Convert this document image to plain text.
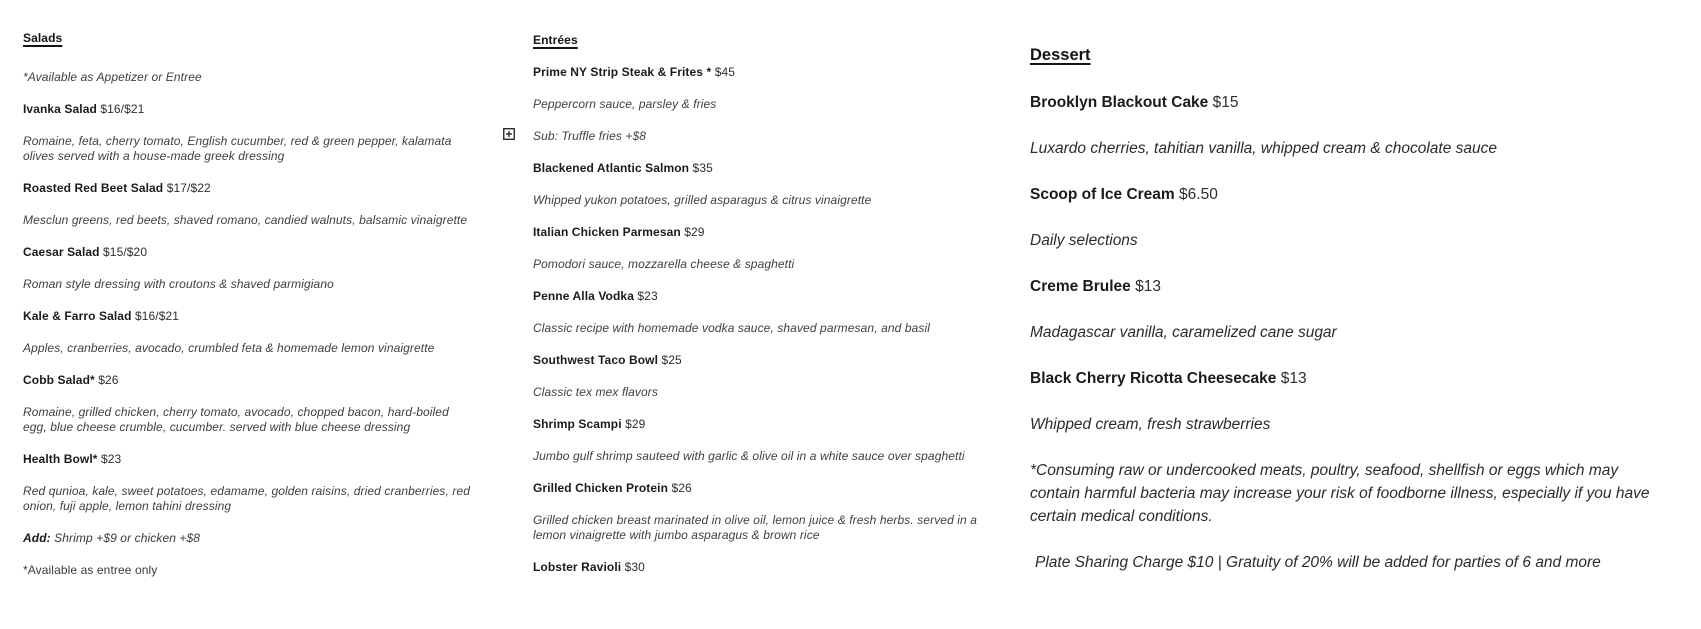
Salads

*Available as Appetizer or Entree

Ivanka Salad $16/$21

Romaine, feta, cherry tomato, English cucumber, red & green pepper, kalamata olives served with a house-made greek dressing

Roasted Red Beet Salad $17/$22

Mesclun greens, red beets, shaved romano, candied walnuts, balsamic vinaigrette

Caesar Salad $15/$20

Roman style dressing with croutons & shaved parmigiano

Kale & Farro Salad $16/$21

Apples, cranberries, avocado, crumbled feta & homemade lemon vinaigrette

Cobb Salad* $26

Romaine, grilled chicken, cherry tomato, avocado, chopped bacon, hard-boiled egg, blue cheese crumble, cucumber. served with blue cheese dressing

Health Bowl* $23

Red qunioa, kale, sweet potatoes, edamame, golden raisins, dried cranberries, red onion, fuji apple, lemon tahini dressing

Add: Shrimp +$9 or chicken +$8

*Available as entree only

Entrées

Prime NY Strip Steak & Frites * $45

Peppercorn sauce, parsley & fries

Sub: Truffle fries +$8

Blackened Atlantic Salmon $35

Whipped yukon potatoes, grilled asparagus & citrus vinaigrette

Italian Chicken Parmesan $29

Pomodori sauce, mozzarella cheese & spaghetti

Penne Alla Vodka $23

Classic recipe with homemade vodka sauce, shaved parmesan, and basil

Southwest Taco Bowl $25

Classic tex mex flavors

Shrimp Scampi $29

Jumbo gulf shrimp sauteed with garlic & olive oil in a white sauce over spaghetti

Grilled Chicken Protein $26

Grilled chicken breast marinated in olive oil, lemon juice & fresh herbs. served in a lemon vinaigrette with jumbo asparagus & brown rice

Lobster Ravioli $30

Dessert

Brooklyn Blackout Cake $15

Luxardo cherries, tahitian vanilla, whipped cream & chocolate sauce

Scoop of Ice Cream $6.50

Daily selections

Creme Brulee $13

Madagascar vanilla, caramelized cane sugar

Black Cherry Ricotta Cheesecake $13

Whipped cream, fresh strawberries

*Consuming raw or undercooked meats, poultry, seafood, shellfish or eggs which may contain harmful bacteria may increase your risk of foodborne illness, especially if you have certain medical conditions.

Plate Sharing Charge $10 | Gratuity of 20% will be added for parties of 6 and more
